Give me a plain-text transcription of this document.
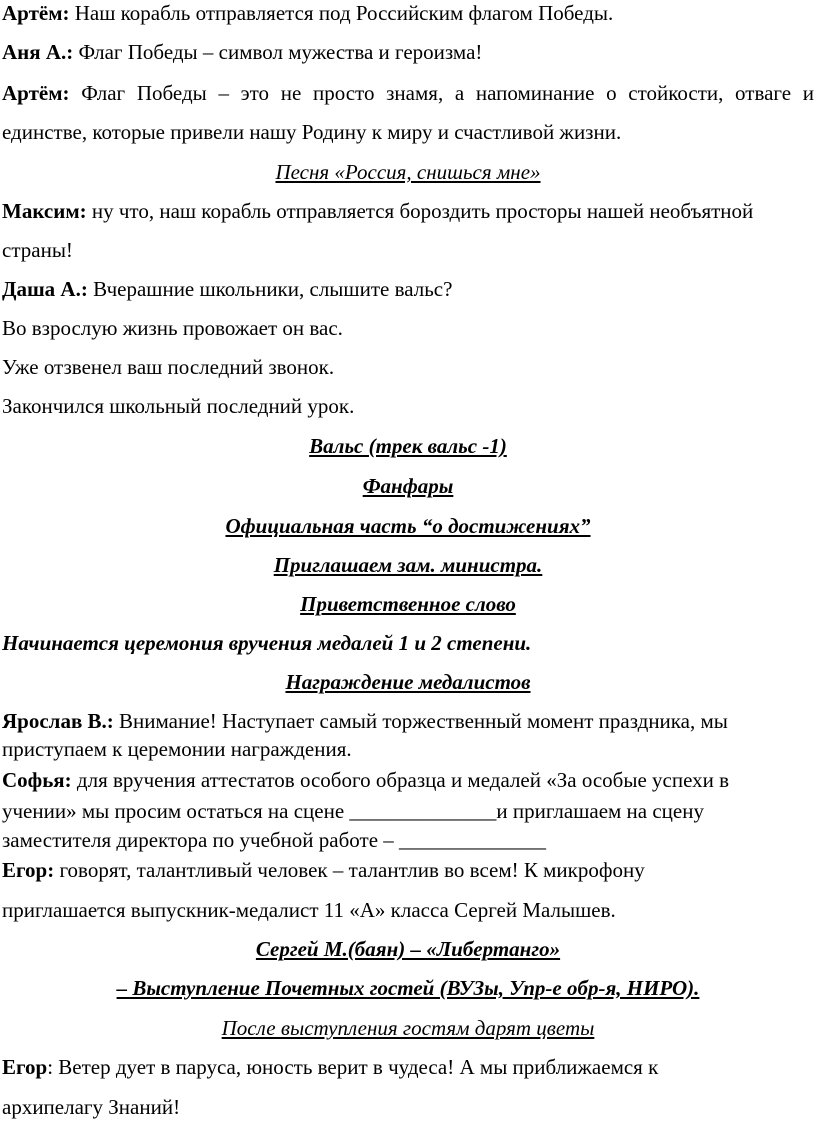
Артём: Наш корабль отправляется под Российским флагом Победы.
Аня А.: Флаг Победы – символ мужества и героизма!
Артём: Флаг Победы – это не просто знамя, а напоминание о стойкости, отваге и
единстве, которые привели нашу Родину к миру и счастливой жизни.
Песня «Россия, снишься мне»
Максим: ну что, наш корабль отправляется бороздить просторы нашей необъятной
страны!
Даша А.: Вчерашние школьники, слышите вальс?
Во взрослую жизнь провожает он вас.
Уже отзвенел ваш последний звонок.
Закончился школьный последний урок.
Вальс (трек вальс -1)
Фанфары
Официальная часть “о достижениях”
Приглашаем зам. министра.
Приветственное слово
Начинается церемония вручения медалей 1 и 2 степени.
Награждение медалистов
Ярослав В.: Внимание! Наступает самый торжественный момент праздника, мы
приступаем к церемонии награждения.
Софья: для вручения аттестатов особого образца и медалей «За особые успехи в
учении» мы просим остаться на сцене ______________и приглашаем на сцену
заместителя директора по учебной работе – ______________
Егор: говорят, талантливый человек – талантлив во всем! К микрофону
приглашается выпускник-медалист 11 «А» класса Сергей Малышев.
Сергей М.(баян) – «Либертанго»
– Выступление Почетных гостей (ВУЗы, Упр-е обр-я, НИРО).
После выступления гостям дарят цветы
Егор: Ветер дует в паруса, юность верит в чудеса! А мы приближаемся к
архипелагу Знаний!
